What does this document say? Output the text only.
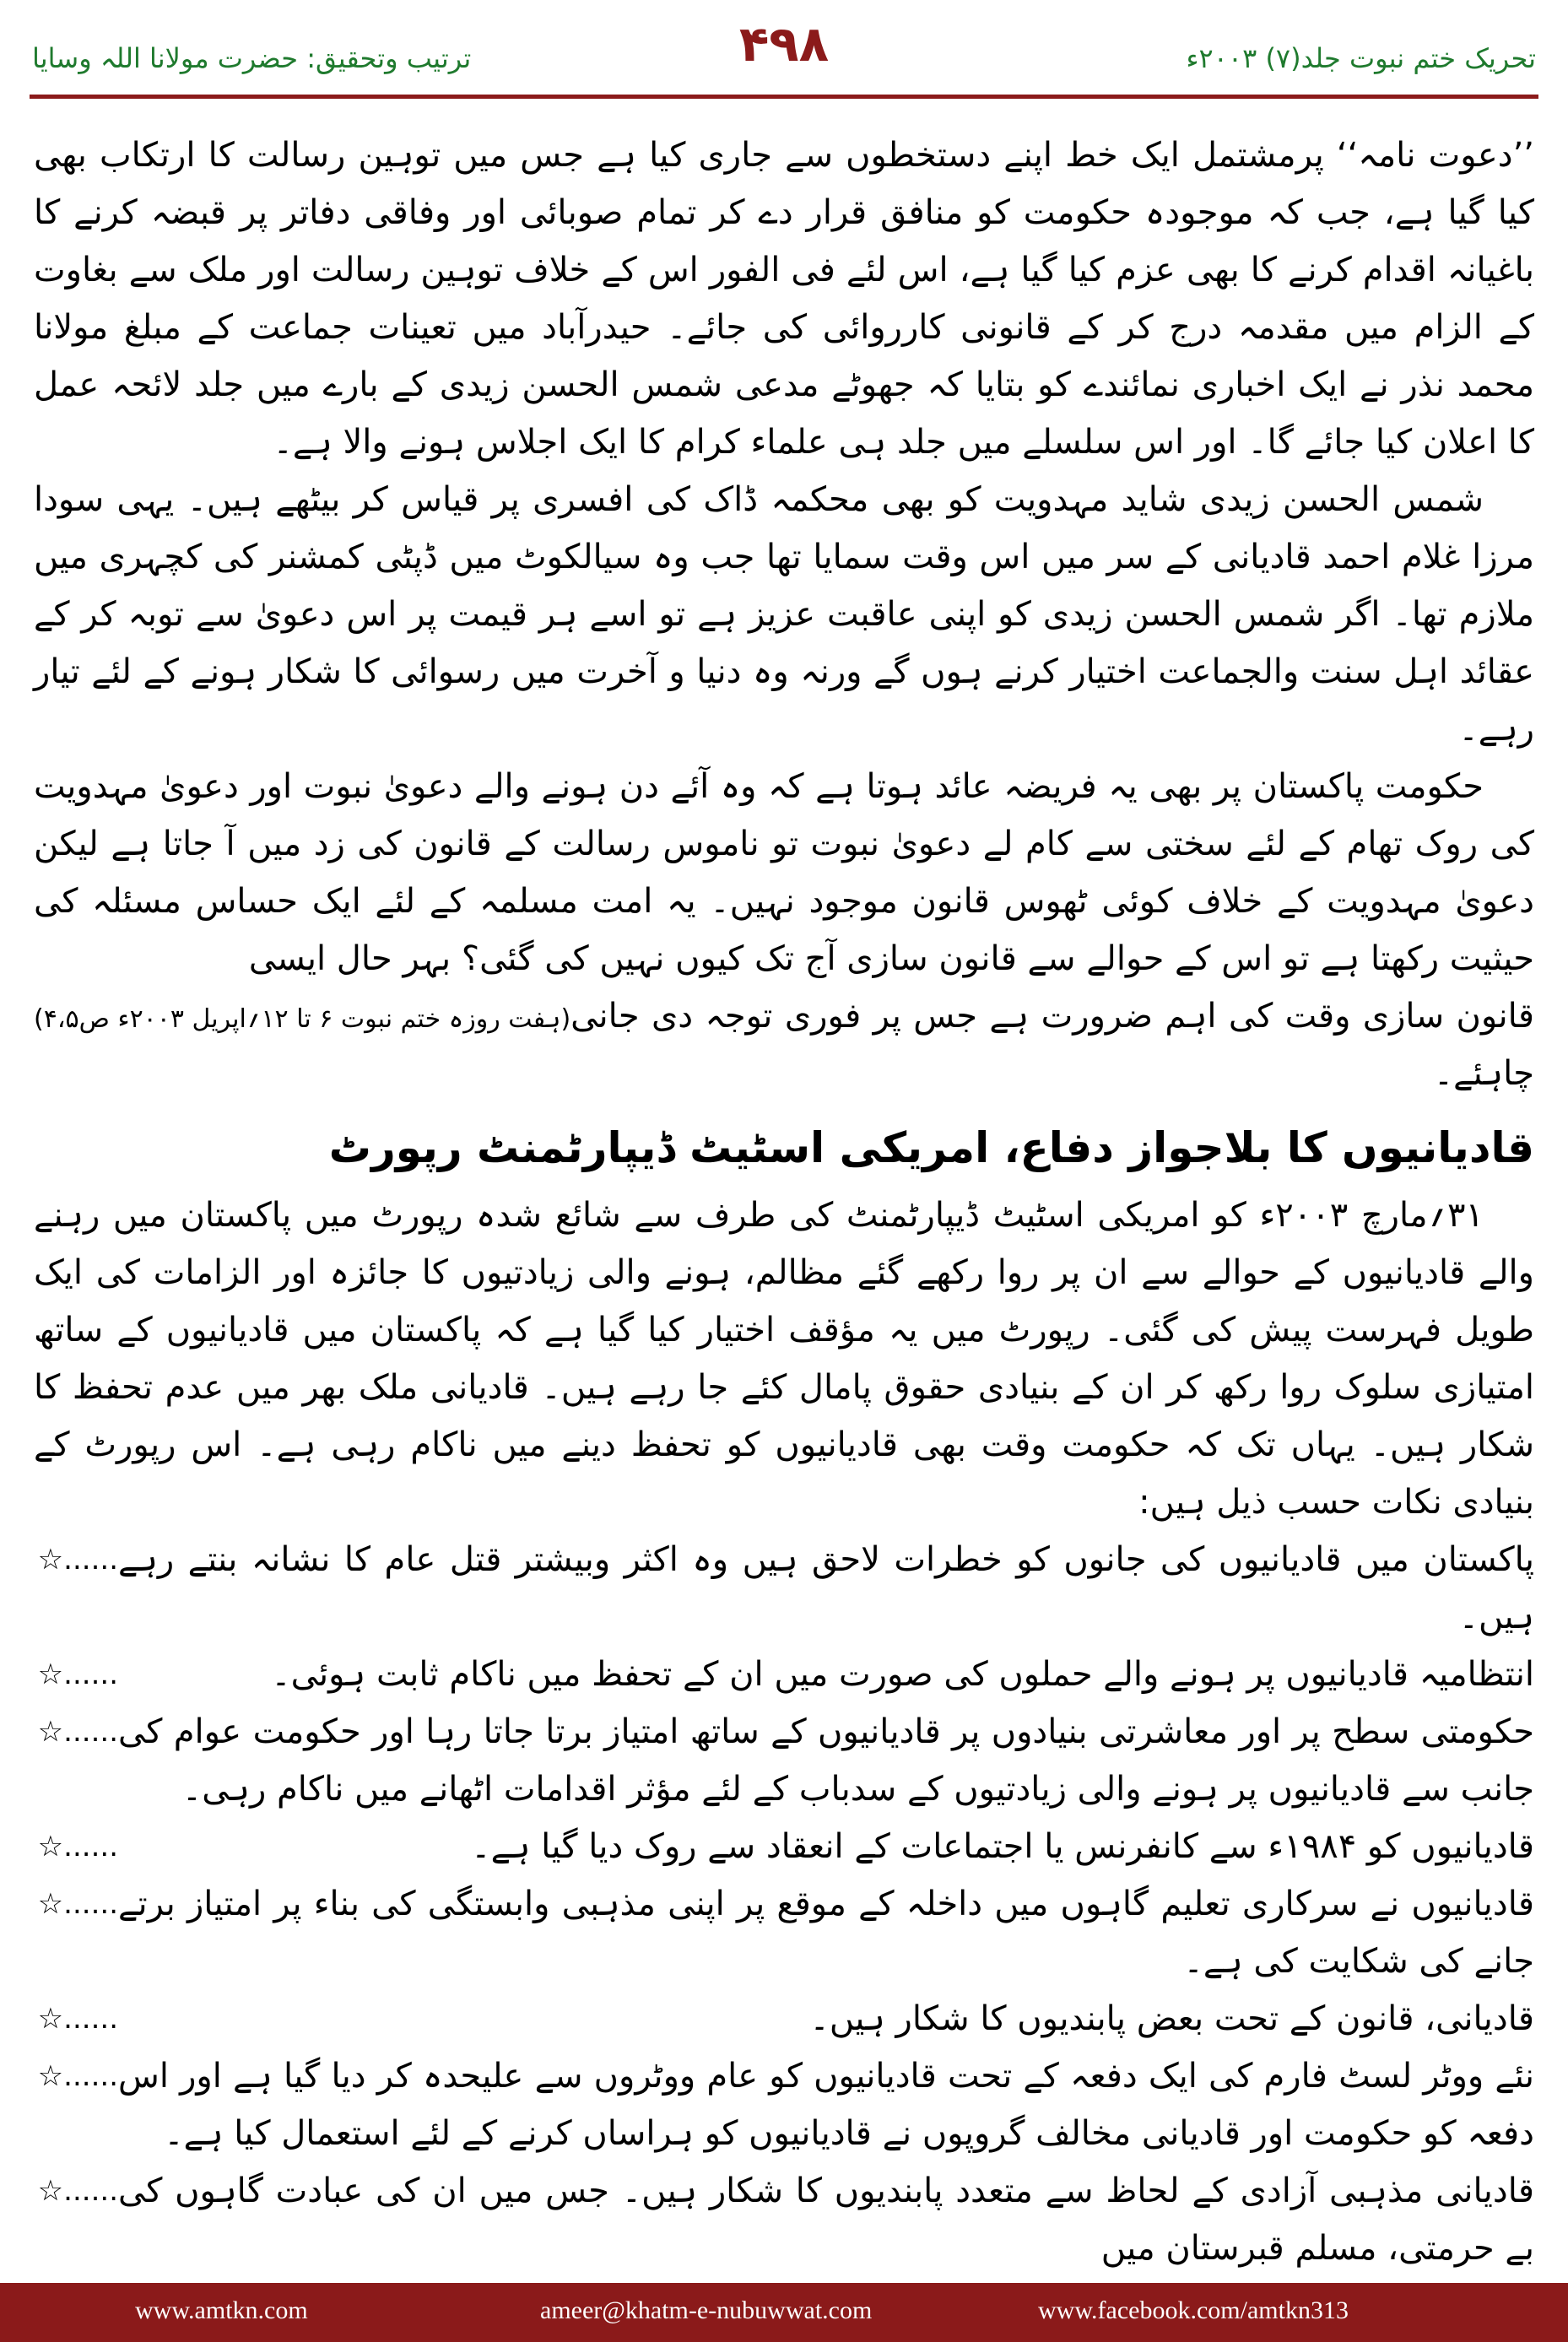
ترتیب وتحقیق: حضرت مولانا اللہ وسایا	۴۹۸	تحریک ختم نبوت جلد(۷) ۲۰۰۳ء

’’دعوت نامہ‘‘ پرمشتمل ایک خط اپنے دستخطوں سے جاری کیا ہے جس میں توہین رسالت کا ارتکاب بھی کیا گیا ہے، جب کہ موجودہ حکومت کو منافق قرار دے کر تمام صوبائی اور وفاقی دفاتر پر قبضہ کرنے کا باغیانہ اقدام کرنے کا بھی عزم کیا گیا ہے، اس لئے فی الفور اس کے خلاف توہین رسالت اور ملک سے بغاوت کے الزام میں مقدمہ درج کر کے قانونی کارروائی کی جائے۔ حیدرآباد میں تعینات جماعت کے مبلغ مولانا محمد نذر نے ایک اخباری نمائندے کو بتایا کہ جھوٹے مدعی شمس الحسن زیدی کے بارے میں جلد لائحہ عمل کا اعلان کیا جائے گا۔ اور اس سلسلے میں جلد ہی علماء کرام کا ایک اجلاس ہونے والا ہے۔

شمس الحسن زیدی شاید مہدویت کو بھی محکمہ ڈاک کی افسری پر قیاس کر بیٹھے ہیں۔ یہی سودا مرزا غلام احمد قادیانی کے سر میں اس وقت سمایا تھا جب وہ سیالکوٹ میں ڈپٹی کمشنر کی کچہری میں ملازم تھا۔ اگر شمس الحسن زیدی کو اپنی عاقبت عزیز ہے تو اسے ہر قیمت پر اس دعویٰ سے توبہ کر کے عقائد اہل سنت والجماعت اختیار کرنے ہوں گے ورنہ وہ دنیا و آخرت میں رسوائی کا شکار ہونے کے لئے تیار رہے۔

حکومت پاکستان پر بھی یہ فریضہ عائد ہوتا ہے کہ وہ آئے دن ہونے والے دعویٰ نبوت اور دعویٰ مہدویت کی روک تھام کے لئے سختی سے کام لے دعویٰ نبوت تو ناموس رسالت کے قانون کی زد میں آ جاتا ہے لیکن دعویٰ مہدویت کے خلاف کوئی ٹھوس قانون موجود نہیں۔ یہ امت مسلمہ کے لئے ایک حساس مسئلہ کی حیثیت رکھتا ہے تو اس کے حوالے سے قانون سازی آج تک کیوں نہیں کی گئی؟ بہر حال ایسی

قانون سازی وقت کی اہم ضرورت ہے جس پر فوری توجہ دی جانی چاہئے۔
(ہفت روزہ ختم نبوت ۶ تا ۱۲؍اپریل ۲۰۰۳ء ص۴،۵)
قادیانیوں کا بلاجواز دفاع، امریکی اسٹیٹ ڈیپارٹمنٹ رپورٹ

۳۱؍مارچ ۲۰۰۳ء کو امریکی اسٹیٹ ڈیپارٹمنٹ کی طرف سے شائع شدہ رپورٹ میں پاکستان میں رہنے والے قادیانیوں کے حوالے سے ان پر روا رکھے گئے مظالم، ہونے والی زیادتیوں کا جائزہ اور الزامات کی ایک طویل فہرست پیش کی گئی۔ رپورٹ میں یہ مؤقف اختیار کیا گیا ہے کہ پاکستان میں قادیانیوں کے ساتھ امتیازی سلوک روا رکھ کر ان کے بنیادی حقوق پامال کئے جا رہے ہیں۔ قادیانی ملک بھر میں عدم تحفظ کا شکار ہیں۔ یہاں تک کہ حکومت وقت بھی قادیانیوں کو تحفظ دینے میں ناکام رہی ہے۔ اس رپورٹ کے بنیادی نکات حسب ذیل ہیں:

☆...... پاکستان میں قادیانیوں کی جانوں کو خطرات لاحق ہیں وہ اکثر وبیشتر قتل عام کا نشانہ بنتے رہے ہیں۔
☆......	انتظامیہ قادیانیوں پر ہونے والے حملوں کی صورت میں ان کے تحفظ میں ناکام ثابت ہوئی۔
☆...... حکومتی سطح پر اور معاشرتی بنیادوں پر قادیانیوں کے ساتھ امتیاز برتا جاتا رہا اور حکومت عوام کی جانب سے قادیانیوں پر ہونے والی زیادتیوں کے سدباب کے لئے مؤثر اقدامات اٹھانے میں ناکام رہی۔
☆......	قادیانیوں کو ۱۹۸۴ء سے کانفرنس یا اجتماعات کے انعقاد سے روک دیا گیا ہے۔
☆...... قادیانیوں نے سرکاری تعلیم گاہوں میں داخلہ کے موقع پر اپنی مذہبی وابستگی کی بناء پر امتیاز برتے جانے کی شکایت کی ہے۔
☆......	قادیانی، قانون کے تحت بعض پابندیوں کا شکار ہیں۔
☆...... نئے ووٹر لسٹ فارم کی ایک دفعہ کے تحت قادیانیوں کو عام ووٹروں سے علیحدہ کر دیا گیا ہے اور اس دفعہ کو حکومت اور قادیانی مخالف گروپوں نے قادیانیوں کو ہراساں کرنے کے لئے استعمال کیا ہے۔
☆...... قادیانی مذہبی آزادی کے لحاظ سے متعدد پابندیوں کا شکار ہیں۔ جس میں ان کی عبادت گاہوں کی بے حرمتی، مسلم قبرستان میں
www.amtkn.com	ameer@khatm-e-nubuwwat.com	www.facebook.com/amtkn313
